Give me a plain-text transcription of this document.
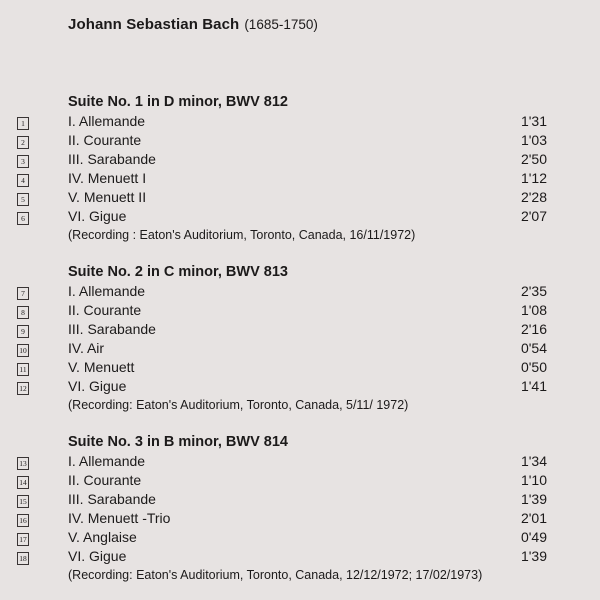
Johann Sebastian Bach (1685-1750)
Suite No. 1 in D minor, BWV 812
1	I. Allemande	1'31
2	II. Courante	1'03
3	III. Sarabande	2'50
4	IV. Menuett I	1'12
5	V. Menuett II	2'28
6	VI. Gigue	2'07
(Recording : Eaton's Auditorium, Toronto, Canada, 16/11/1972)
Suite No. 2 in C minor, BWV 813
7	I. Allemande	2'35
8	II. Courante	1'08
9	III. Sarabande	2'16
10	IV. Air	0'54
11	V. Menuett	0'50
12	VI. Gigue	1'41
(Recording: Eaton's Auditorium, Toronto, Canada, 5/11/ 1972)
Suite No. 3 in B minor, BWV 814
13	I. Allemande	1'34
14	II. Courante	1'10
15	III. Sarabande	1'39
16	IV. Menuett -Trio	2'01
17	V. Anglaise	0'49
18	VI. Gigue	1'39
(Recording: Eaton's Auditorium, Toronto, Canada, 12/12/1972; 17/02/1973)
